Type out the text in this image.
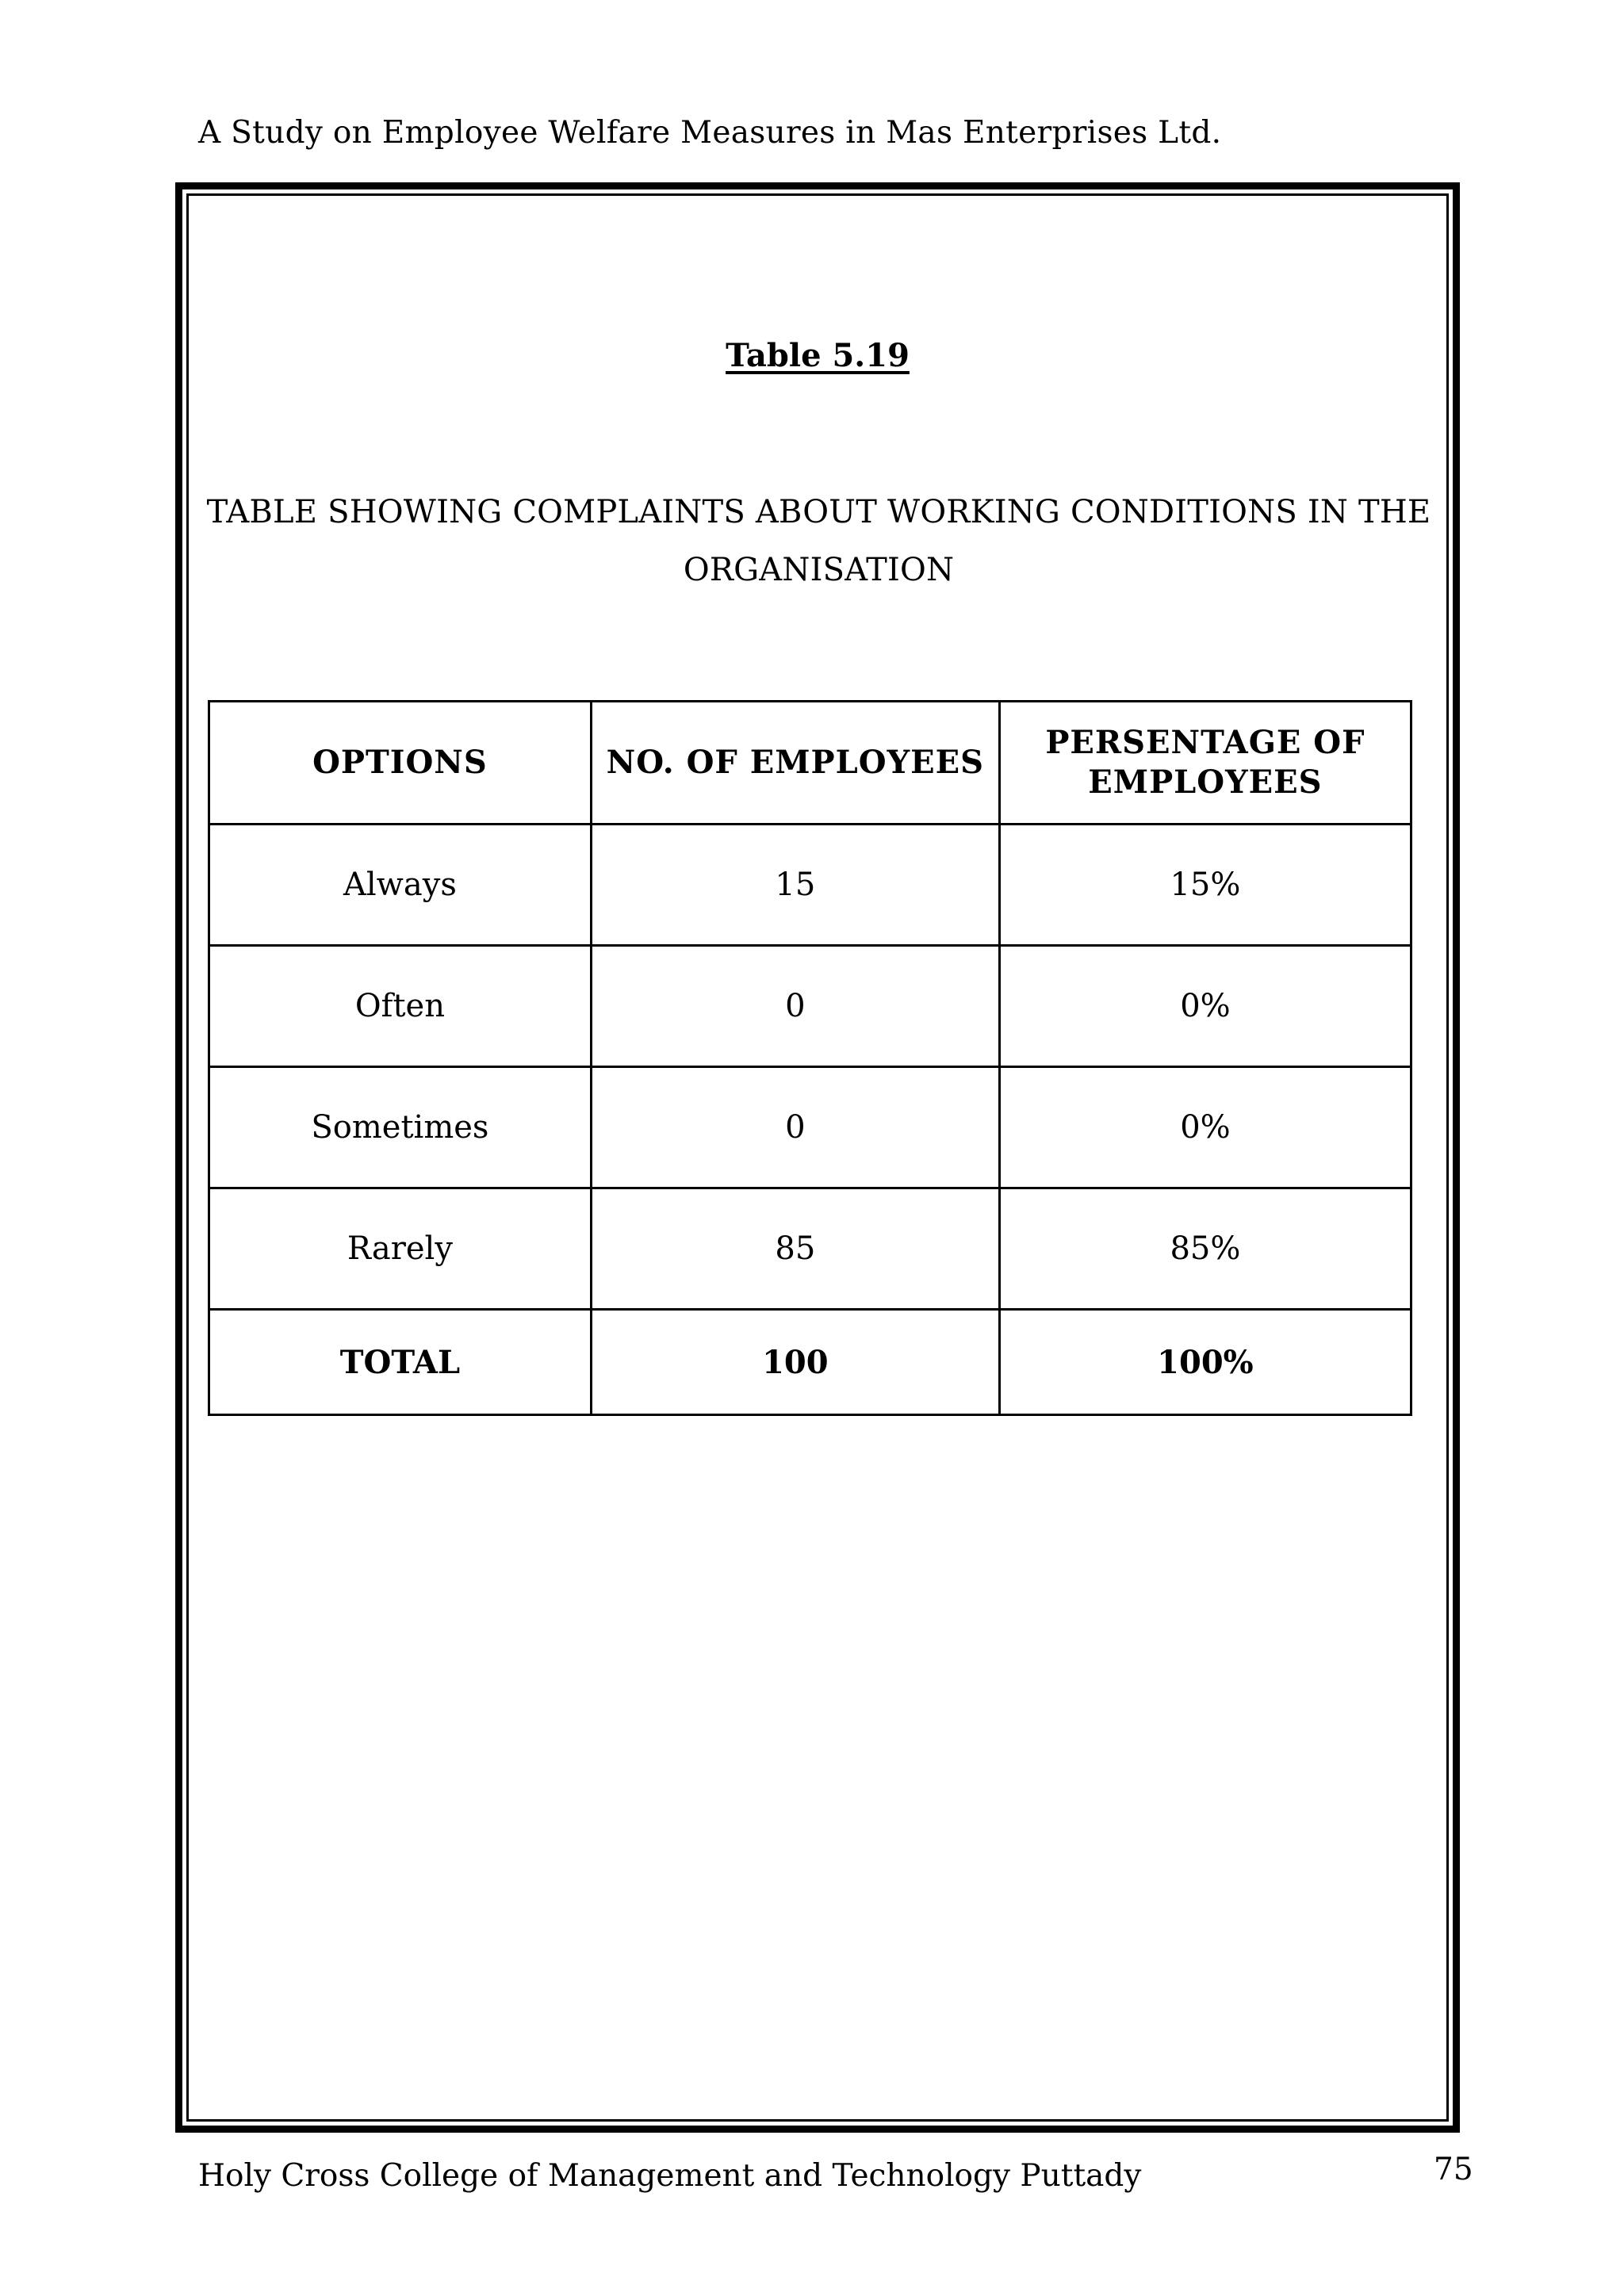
A Study on Employee Welfare Measures in Mas Enterprises Ltd.
Table 5.19
TABLE SHOWING COMPLAINTS ABOUT WORKING CONDITIONS IN THE
ORGANISATION
OPTIONS	NO. OF EMPLOYEES	PERSENTAGE OF EMPLOYEES
Always	15	15%
Often	0	0%
Sometimes	0	0%
Rarely	85	85%
TOTAL	100	100%
Holy Cross College of Management and Technology Puttady	75
